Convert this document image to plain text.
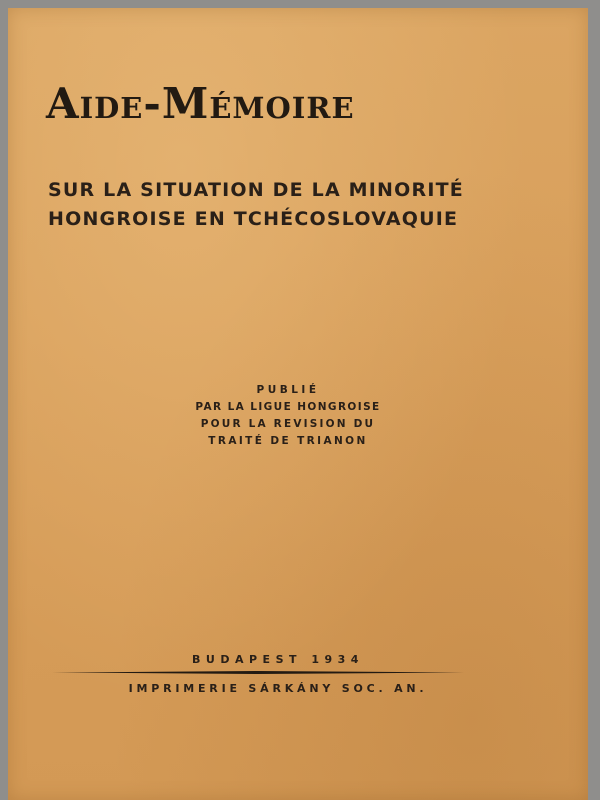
Aide-Mémoire
SUR LA SITUATION DE LA MINORITÉ
HONGROISE EN TCHÉCOSLOVAQUIE
PUBLIÉ
PAR LA LIGUE HONGROISE
POUR LA REVISION DU
TRAITÉ DE TRIANON
BUDAPEST 1934
IMPRIMERIE SÁRKÁNY SOC. AN.
